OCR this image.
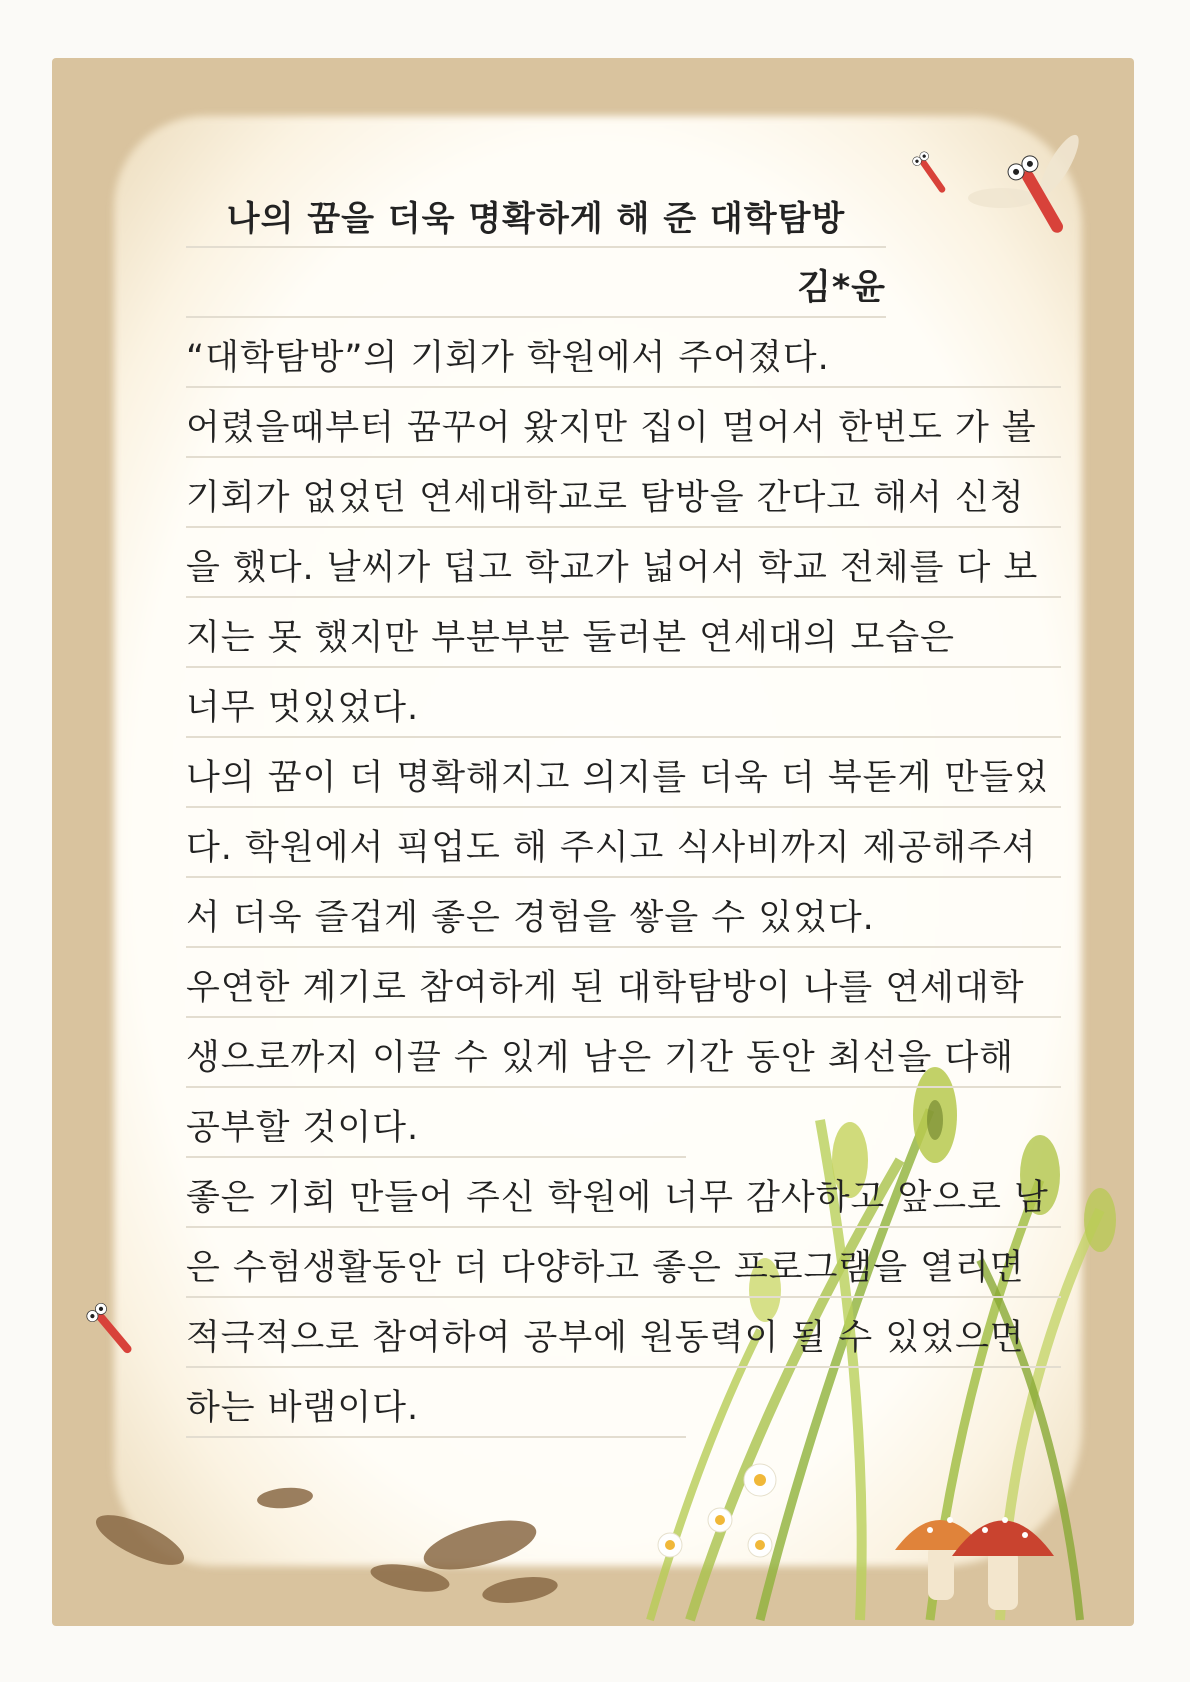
나의 꿈을 더욱 명확하게 해 준 대학탐방
김*윤
“대학탐방”의 기회가 학원에서 주어졌다.
어렸을때부터 꿈꾸어 왔지만 집이 멀어서 한번도 가 볼
기회가 없었던 연세대학교로 탐방을 간다고 해서 신청
을 했다. 날씨가 덥고 학교가 넓어서 학교 전체를 다 보
지는 못 했지만 부분부분 둘러본 연세대의 모습은
너무 멋있었다.
나의 꿈이 더 명확해지고 의지를 더욱 더 북돋게 만들었
다. 학원에서 픽업도 해 주시고 식사비까지 제공해주셔
서 더욱 즐겁게 좋은 경험을 쌓을 수 있었다.
우연한 계기로 참여하게 된 대학탐방이 나를 연세대학
생으로까지 이끌 수 있게 남은 기간 동안 최선을 다해
공부할 것이다.
좋은 기회 만들어 주신 학원에 너무 감사하고 앞으로 남
은 수험생활동안 더 다양하고 좋은 프로그램을 열리면
적극적으로 참여하여 공부에 원동력이 될 수 있었으면
하는 바램이다.
